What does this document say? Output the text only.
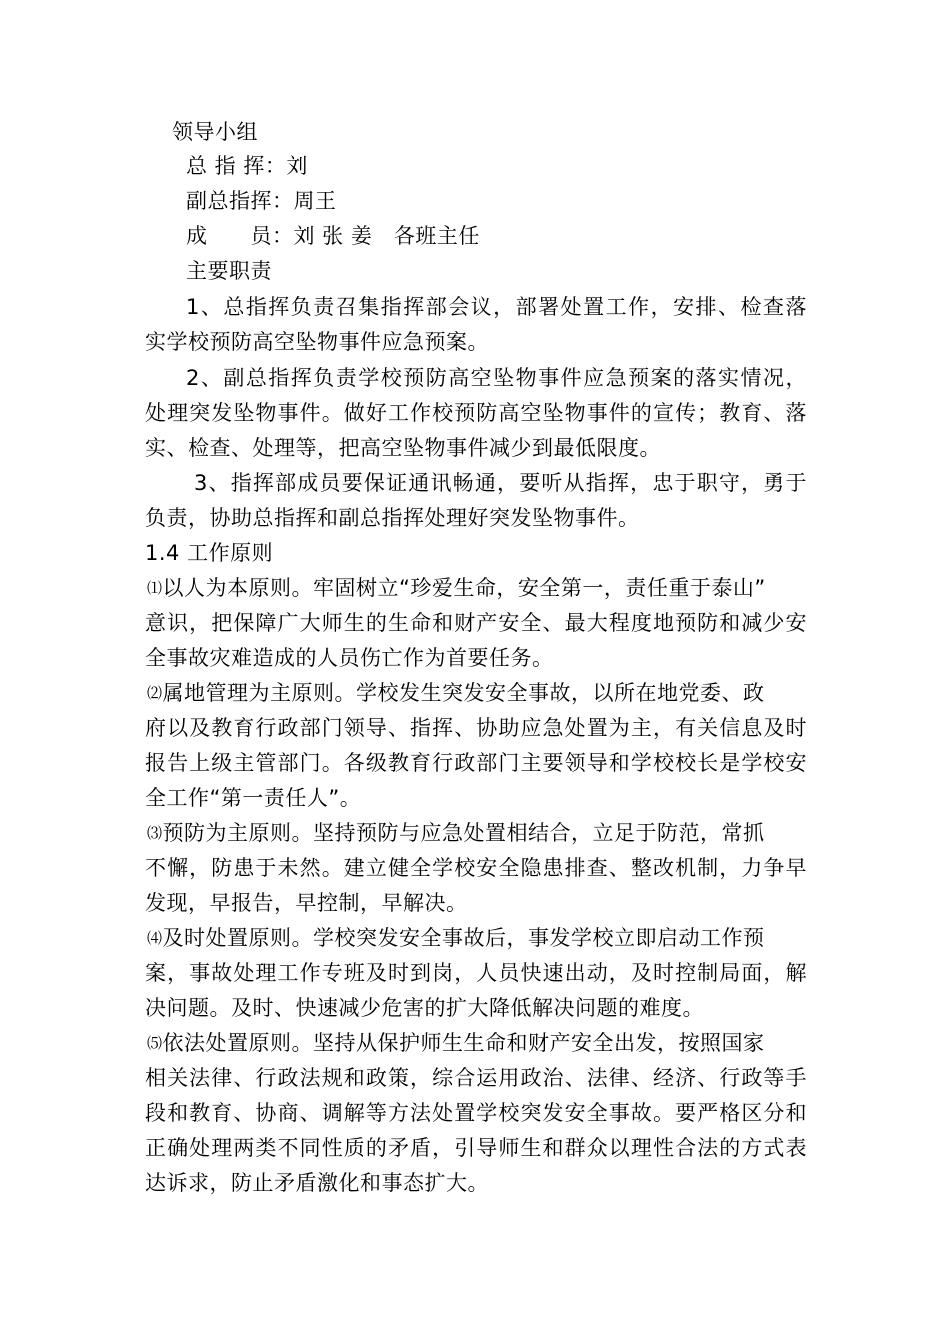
领导小组
总 指 挥：刘
副总指挥：周王
成　　员：刘 张 姜　各班主任
主要职责
1、总指挥负责召集指挥部会议，部署处置工作，安排、检查落
实学校预防高空坠物事件应急预案。
2、副总指挥负责学校预防高空坠物事件应急预案的落实情况，
处理突发坠物事件。做好工作校预防高空坠物事件的宣传；教育、落
实、检查、处理等，把高空坠物事件减少到最低限度。
3、指挥部成员要保证通讯畅通，要听从指挥，忠于职守，勇于
负责，协助总指挥和副总指挥处理好突发坠物事件。
1.4 工作原则
⑴以人为本原则。牢固树立“珍爱生命，安全第一，责任重于泰山”
意识，把保障广大师生的生命和财产安全、最大程度地预防和减少安
全事故灾难造成的人员伤亡作为首要任务。
⑵属地管理为主原则。学校发生突发安全事故，以所在地党委、政
府以及教育行政部门领导、指挥、协助应急处置为主，有关信息及时
报告上级主管部门。各级教育行政部门主要领导和学校校长是学校安
全工作“第一责任人”。
⑶预防为主原则。坚持预防与应急处置相结合，立足于防范，常抓
不懈，防患于未然。建立健全学校安全隐患排查、整改机制，力争早
发现，早报告，早控制，早解决。
⑷及时处置原则。学校突发安全事故后，事发学校立即启动工作预
案，事故处理工作专班及时到岗，人员快速出动，及时控制局面，解
决问题。及时、快速减少危害的扩大降低解决问题的难度。
⑸依法处置原则。坚持从保护师生生命和财产安全出发，按照国家
相关法律、行政法规和政策，综合运用政治、法律、经济、行政等手
段和教育、协商、调解等方法处置学校突发安全事故。要严格区分和
正确处理两类不同性质的矛盾，引导师生和群众以理性合法的方式表
达诉求，防止矛盾激化和事态扩大。
